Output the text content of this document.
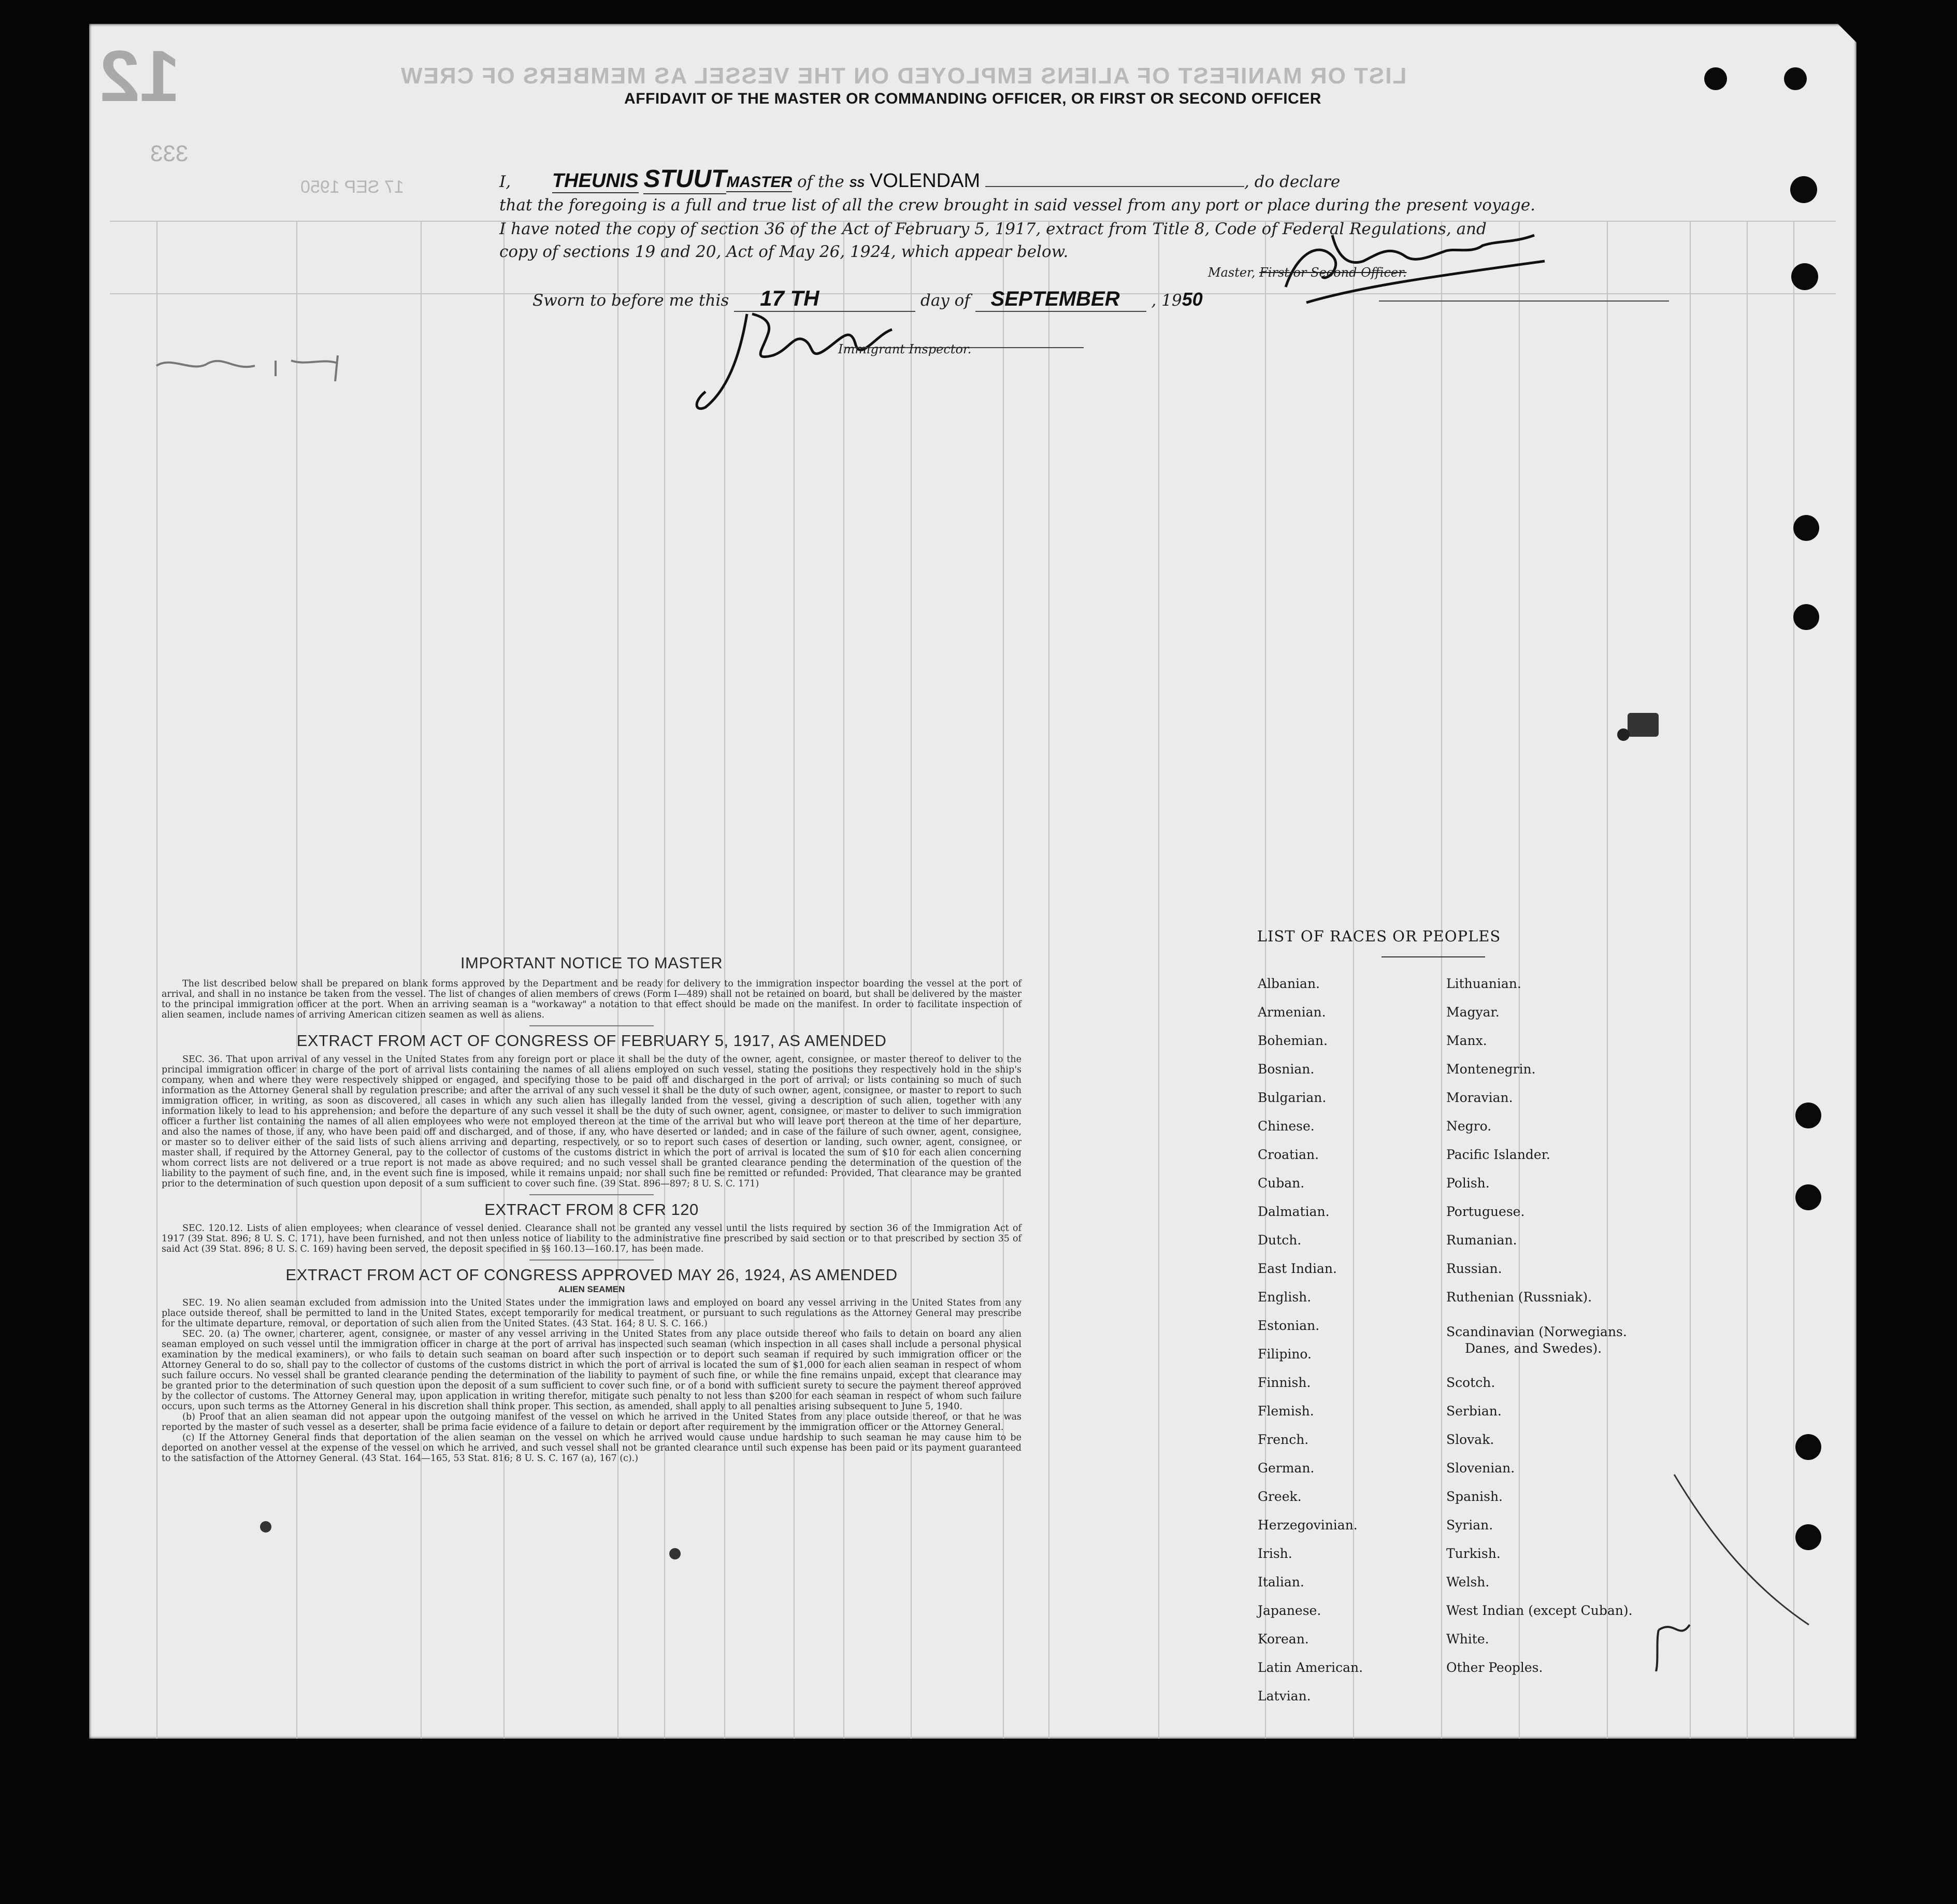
12	LIST OR MANIFEST OF ALIENS EMPLOYED ON THE VESSEL AS MEMBERS OF CREW
333
17 SEP 1950
AFFIDAVIT OF THE MASTER OR COMMANDING OFFICER, OR FIRST OR SECOND OFFICER
I, THEUNIS STUUTMASTER of the SS VOLENDAM	, do declare
that the foregoing is a full and true list of all the crew brought in said vessel from any port or place during the present voyage.
I have noted the copy of section 36 of the Act of February 5, 1917, extract from Title 8, Code of Federal Regulations, and
copy of sections 19 and 20, Act of May 26, 1924, which appear below.
Master, First or Second Officer.
Sworn to before me this 17 TH	day of SEPTEMBER , 1950
Immigrant Inspector.

IMPORTANT NOTICE TO MASTER

The list described below shall be prepared on blank forms approved by the Department and be ready for delivery to the immigration inspector boarding the vessel at the port of arrival, and shall in no instance be taken from the vessel. The list of changes of alien members of crews (Form I—489) shall not be retained on board, but shall be delivered by the master to the principal immigration officer at the port. When an arriving seaman is a "workaway" a notation to that effect should be made on the manifest. In order to facilitate inspection of alien seamen, include names of arriving American citizen seamen as well as aliens.

EXTRACT FROM ACT OF CONGRESS OF FEBRUARY 5, 1917, AS AMENDED

SEC. 36. That upon arrival of any vessel in the United States from any foreign port or place it shall be the duty of the owner, agent, consignee, or master thereof to deliver to the principal immigration officer in charge of the port of arrival lists containing the names of all aliens employed on such vessel, stating the positions they respectively hold in the ship's company, when and where they were respectively shipped or engaged, and specifying those to be paid off and discharged in the port of arrival; or lists containing so much of such information as the Attorney General shall by regulation prescribe; and after the arrival of any such vessel it shall be the duty of such owner, agent, consignee, or master to report to such immigration officer, in writing, as soon as discovered, all cases in which any such alien has illegally landed from the vessel, giving a description of such alien, together with any information likely to lead to his apprehension; and before the departure of any such vessel it shall be the duty of such owner, agent, consignee, or master to deliver to such immigration officer a further list containing the names of all alien employees who were not employed thereon at the time of the arrival but who will leave port thereon at the time of her departure, and also the names of those, if any, who have been paid off and discharged, and of those, if any, who have deserted or landed; and in case of the failure of such owner, agent, consignee, or master so to deliver either of the said lists of such aliens arriving and departing, respectively, or so to report such cases of desertion or landing, such owner, agent, consignee, or master shall, if required by the Attorney General, pay to the collector of customs of the customs district in which the port of arrival is located the sum of $10 for each alien concerning whom correct lists are not delivered or a true report is not made as above required; and no such vessel shall be granted clearance pending the determination of the question of the liability to the payment of such fine, and, in the event such fine is imposed, while it remains unpaid; nor shall such fine be remitted or refunded: Provided, That clearance may be granted prior to the determination of such question upon deposit of a sum sufficient to cover such fine. (39 Stat. 896—897; 8 U. S. C. 171)

EXTRACT FROM 8 CFR 120

SEC. 120.12. Lists of alien employees; when clearance of vessel denied. Clearance shall not be granted any vessel until the lists required by section 36 of the Immigration Act of 1917 (39 Stat. 896; 8 U. S. C. 171), have been furnished, and not then unless notice of liability to the administrative fine prescribed by said section or to that prescribed by section 35 of said Act (39 Stat. 896; 8 U. S. C. 169) having been served, the deposit specified in §§ 160.13—160.17, has been made.

EXTRACT FROM ACT OF CONGRESS APPROVED MAY 26, 1924, AS AMENDED

ALIEN SEAMEN

SEC. 19. No alien seaman excluded from admission into the United States under the immigration laws and employed on board any vessel arriving in the United States from any place outside thereof, shall be permitted to land in the United States, except temporarily for medical treatment, or pursuant to such regulations as the Attorney General may prescribe for the ultimate departure, removal, or deportation of such alien from the United States. (43 Stat. 164; 8 U. S. C. 166.)

SEC. 20. (a) The owner, charterer, agent, consignee, or master of any vessel arriving in the United States from any place outside thereof who fails to detain on board any alien seaman employed on such vessel until the immigration officer in charge at the port of arrival has inspected such seaman (which inspection in all cases shall include a personal physical examination by the medical examiners), or who fails to detain such seaman on board after such inspection or to deport such seaman if required by such immigration officer or the Attorney General to do so, shall pay to the collector of customs of the customs district in which the port of arrival is located the sum of $1,000 for each alien seaman in respect of whom such failure occurs. No vessel shall be granted clearance pending the determination of the liability to payment of such fine, or while the fine remains unpaid, except that clearance may be granted prior to the determination of such question upon the deposit of a sum sufficient to cover such fine, or of a bond with sufficient surety to secure the payment thereof approved by the collector of customs. The Attorney General may, upon application in writing therefor, mitigate such penalty to not less than $200 for each seaman in respect of whom such failure occurs, upon such terms as the Attorney General in his discretion shall think proper. This section, as amended, shall apply to all penalties arising subsequent to June 5, 1940.

(b) Proof that an alien seaman did not appear upon the outgoing manifest of the vessel on which he arrived in the United States from any place outside thereof, or that he was reported by the master of such vessel as a deserter, shall be prima facie evidence of a failure to detain or deport after requirement by the immigration officer or the Attorney General.

(c) If the Attorney General finds that deportation of the alien seaman on the vessel on which he arrived would cause undue hardship to such seaman he may cause him to be deported on another vessel at the expense of the vessel on which he arrived, and such vessel shall not be granted clearance until such expense has been paid or its payment guaranteed to the satisfaction of the Attorney General. (43 Stat. 164—165, 53 Stat. 816; 8 U. S. C. 167 (a), 167 (c).)

LIST OF RACES OR PEOPLES
Albanian.
Armenian.
Bohemian.
Bosnian.
Bulgarian.
Chinese.
Croatian.
Cuban.
Dalmatian.
Dutch.
East Indian.
English.
Estonian.
Filipino.
Finnish.
Flemish.
French.
German.
Greek.
Herzegovinian.
Irish.
Italian.
Japanese.
Korean.
Latin American.
Latvian.
Lithuanian.
Magyar.
Manx.
Montenegrin.
Moravian.
Negro.
Pacific Islander.
Polish.
Portuguese.
Rumanian.
Russian.
Ruthenian (Russniak).
Scandinavian (Norwegians.
Danes, and Swedes).
Scotch.
Serbian.
Slovak.
Slovenian.
Spanish.
Syrian.
Turkish.
Welsh.
West Indian (except Cuban).
White.
Other Peoples.
